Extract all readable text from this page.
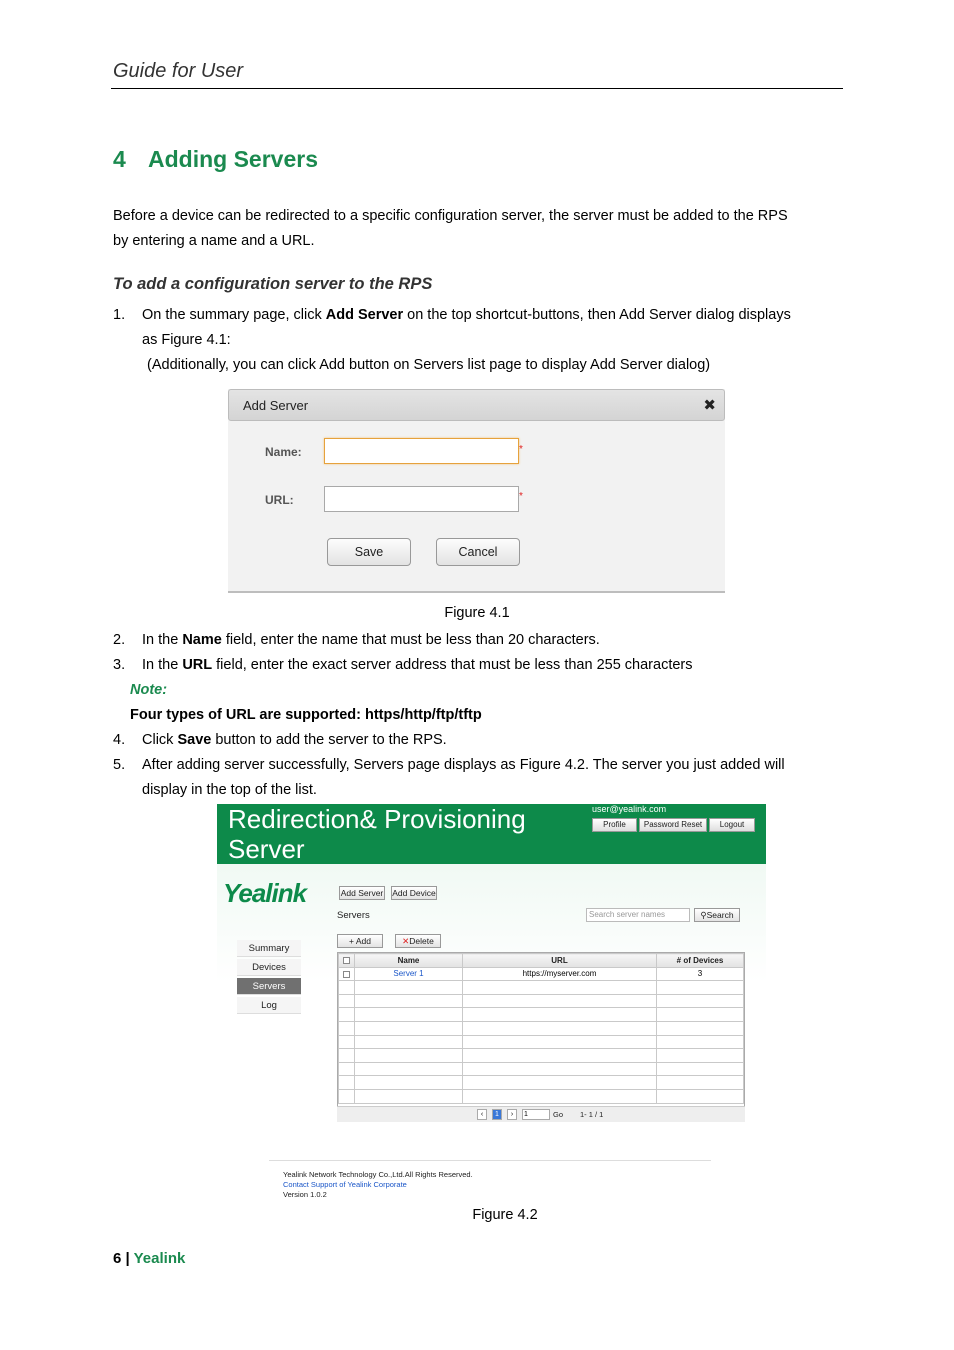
Guide for User
4 Adding Servers
Before a device can be redirected to a specific configuration server, the server must be added to the RPS
by entering a name and a URL.
To add a configuration server to the RPS
1. On the summary page, click Add Server on the top shortcut-buttons, then Add Server dialog displays
as Figure 4.1:
(Additionally, you can click Add button on Servers list page to display Add Server dialog)
Add Server	✖
Name:	*
URL:	*
Save	Cancel
Figure 4.1
2. In the Name field, enter the name that must be less than 20 characters.
3. In the URL field, enter the exact server address that must be less than 255 characters
Note:
Four types of URL are supported: https/http/ftp/tftp
4. Click Save button to add the server to the RPS.
5. After adding server successfully, Servers page displays as Figure 4.2. The server you just added will
display in the top of the list.
Redirection& Provisioning
Server
user@yealink.com
Profile	Password Reset	Logout
Yealink	Add Server Add Device
Servers	Search server names	⚲Search
Summary
Devices
Servers
Log
+ Add	✕Delete
	Name	URL	# of Devices
	Server 1	https://myserver.com	3

‹	1	›	1	Go 1- 1 / 1
Yealink Network Technology Co.,Ltd.All Rights Reserved.
Contact Support of Yealink Corporate
Version 1.0.2
Figure 4.2
6 | Yealink
